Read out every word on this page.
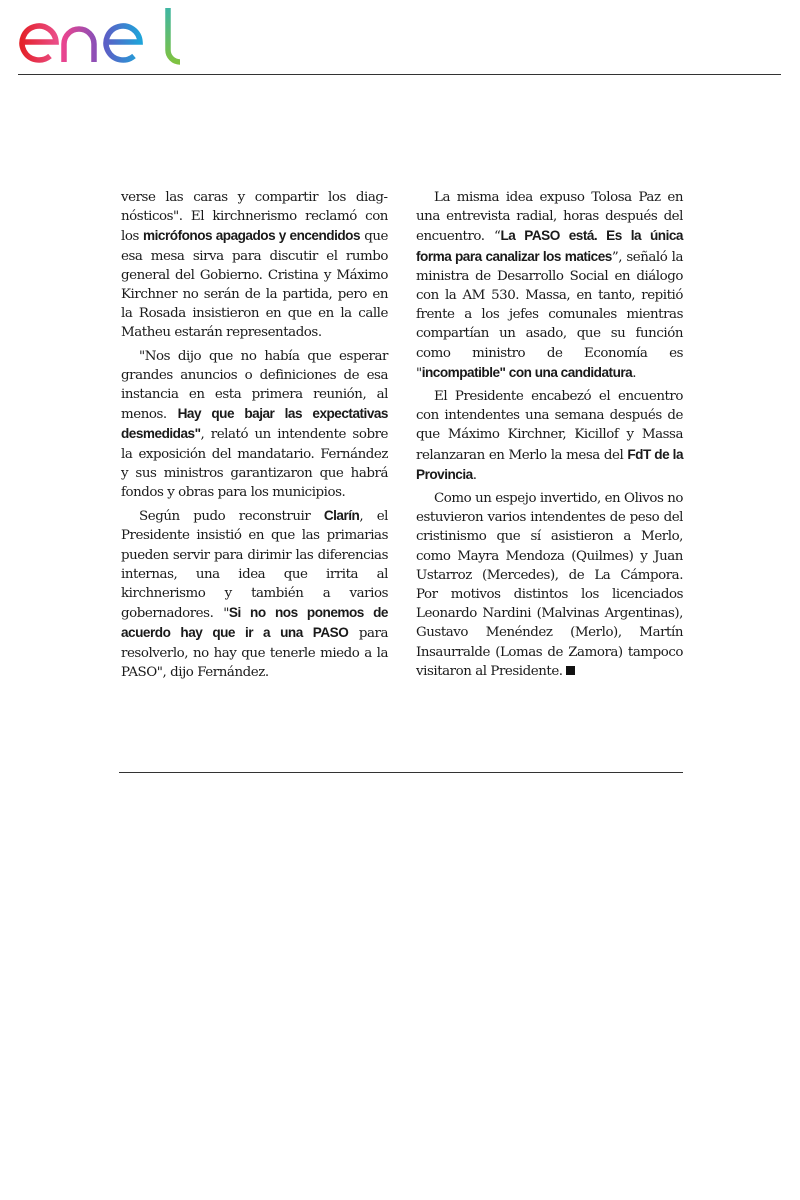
verse las caras y compartir los diagnósticos". El kirchnerismo reclamó con los micrófonos apagados y encendidos que esa mesa sirva para discutir el rumbo general del Gobierno. Cristina y Máximo Kirchner no serán de la partida, pero en la Rosada insistieron en que en la calle Matheu estarán representados.

"Nos dijo que no había que esperar grandes anuncios o definiciones de esa instancia en esta primera reunión, al menos. Hay que bajar las expectativas desmedidas", relató un intendente sobre la exposición del mandatario. Fernández y sus ministros garantizaron que habrá fondos y obras para los municipios.

Según pudo reconstruir Clarín, el Presidente insistió en que las primarias pueden servir para dirimir las diferencias internas, una idea que irrita al kirchnerismo y también a varios gobernadores. "Si no nos ponemos de acuerdo hay que ir a una PASO para resolverlo, no hay que tenerle miedo a la PASO", dijo Fernández.

La misma idea expuso Tolosa Paz en una entrevista radial, horas después del encuentro. “La PASO está. Es la única forma para canalizar los matices”, señaló la ministra de Desarrollo Social en diálogo con la AM 530. Massa, en tanto, repitió frente a los jefes comunales mientras compartían un asado, que su función como ministro de Economía es "incompatible" con una candidatura.

El Presidente encabezó el encuentro con intendentes una semana después de que Máximo Kirchner, Kicillof y Massa relanzaran en Merlo la mesa del FdT de la Provincia.

Como un espejo invertido, en Olivos no estuvieron varios intendentes de peso del cristinismo que sí asistieron a Merlo, como Mayra Mendoza (Quilmes) y Juan Ustarroz (Mercedes), de La Cámpora. Por motivos distintos los licenciados Leonardo Nardini (Malvinas Argentinas), Gustavo Menéndez (Merlo), Martín Insaurralde (Lomas de Zamora) tampoco visitaron al Presidente.
